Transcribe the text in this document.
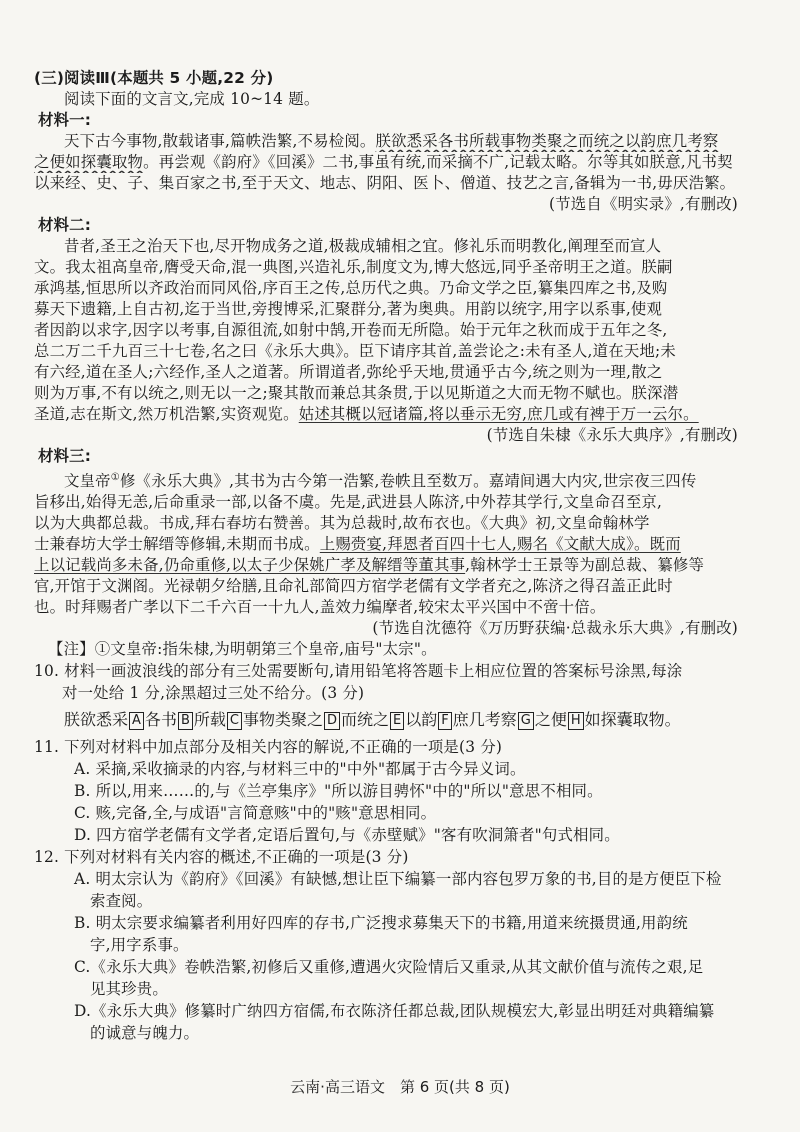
(三)阅读Ⅲ(本题共 5 小题,22 分)
阅读下面的文言文,完成 10~14 题。
材料一:
天下古今事物,散载诸事,篇帙浩繁,不易检阅。朕欲悉采各书所载事物类聚之而统之以韵庶几考察
之便如探囊取物。再尝观《韵府》《回溪》二书,事虽有统,而采摘不广,记载太略。尔等其如朕意,凡书契
以来经、史、子、集百家之书,至于天文、地志、阴阳、医卜、僧道、技艺之言,备辑为一书,毋厌浩繁。
(节选自《明实录》,有删改)
材料二:
昔者,圣王之治天下也,尽开物成务之道,极裁成辅相之宜。修礼乐而明教化,阐理至而宣人
文。我太祖高皇帝,膺受天命,混一典图,兴造礼乐,制度文为,博大悠远,同乎圣帝明王之道。朕嗣
承鸿基,恒思所以齐政治而同风俗,序百王之传,总历代之典。乃命文学之臣,纂集四库之书,及购
募天下遗籍,上自古初,迄于当世,旁搜博采,汇聚群分,著为奥典。用韵以统字,用字以系事,使观
者因韵以求字,因字以考事,自源徂流,如射中鹄,开卷而无所隐。始于元年之秋而成于五年之冬,
总二万二千九百三十七卷,名之曰《永乐大典》。臣下请序其首,盖尝论之:未有圣人,道在天地;未
有六经,道在圣人;六经作,圣人之道著。所谓道者,弥纶乎天地,贯通乎古今,统之则为一理,散之
则为万事,不有以统之,则无以一之;聚其散而兼总其条贯,于以见斯道之大而无物不赋也。朕深潜
圣道,志在斯文,然万机浩繁,实资观览。姑述其概以冠诸篇,将以垂示无穷,庶几或有裨于万一云尔。
(节选自朱棣《永乐大典序》,有删改)
材料三:
文皇帝①修《永乐大典》,其书为古今第一浩繁,卷帙且至数万。嘉靖间遇大内灾,世宗夜三四传
旨移出,始得无恙,后命重录一部,以备不虞。先是,武进县人陈济,中外荐其学行,文皇命召至京,
以为大典都总裁。书成,拜右春坊右赞善。其为总裁时,故布衣也。《大典》初,文皇命翰林学
士兼春坊大学士解缙等修辑,未期而书成。上赐赍宴,拜恩者百四十七人,赐名《文献大成》。既而
上以记载尚多未备,仍命重修,以太子少保姚广孝及解缙等董其事,翰林学士王景等为副总裁、纂修等
官,开馆于文渊阁。光禄朝夕给膳,且命礼部简四方宿学老儒有文学者充之,陈济之得召盖正此时
也。时拜赐者广孝以下二千六百一十九人,盖效力编摩者,较宋太平兴国中不啻十倍。
(节选自沈德符《万历野获编·总裁永乐大典》,有删改)
【注】①文皇帝:指朱棣,为明朝第三个皇帝,庙号"太宗"。
10. 材料一画波浪线的部分有三处需要断句,请用铅笔将答题卡上相应位置的答案标号涂黑,每涂
对一处给 1 分,涂黑超过三处不给分。(3 分)
朕欲悉采 A 各书 B 所载 C 事物类聚之 D 而统之 E 以韵 F 庶几考察 G 之便 H 如探囊取物。
11. 下列对材料中加点部分及相关内容的解说,不正确的一项是(3 分)
A. 采摘,采收摘录的内容,与材料三中的"中外"都属于古今异义词。
B. 所以,用来……的,与《兰亭集序》"所以游目骋怀"中的"所以"意思不相同。
C. 赅,完备,全,与成语"言简意赅"中的"赅"意思相同。
D. 四方宿学老儒有文学者,定语后置句,与《赤壁赋》"客有吹洞箫者"句式相同。
12. 下列对材料有关内容的概述,不正确的一项是(3 分)
A. 明太宗认为《韵府》《回溪》有缺憾,想让臣下编纂一部内容包罗万象的书,目的是方便臣下检
索查阅。
B. 明太宗要求编纂者利用好四库的存书,广泛搜求募集天下的书籍,用道来统摄贯通,用韵统
字,用字系事。
C.《永乐大典》卷帙浩繁,初修后又重修,遭遇火灾险情后又重录,从其文献价值与流传之艰,足
见其珍贵。
D.《永乐大典》修纂时广纳四方宿儒,布衣陈济任都总裁,团队规模宏大,彰显出明廷对典籍编纂
的诚意与魄力。
云南·高三语文　第 6 页(共 8 页)
